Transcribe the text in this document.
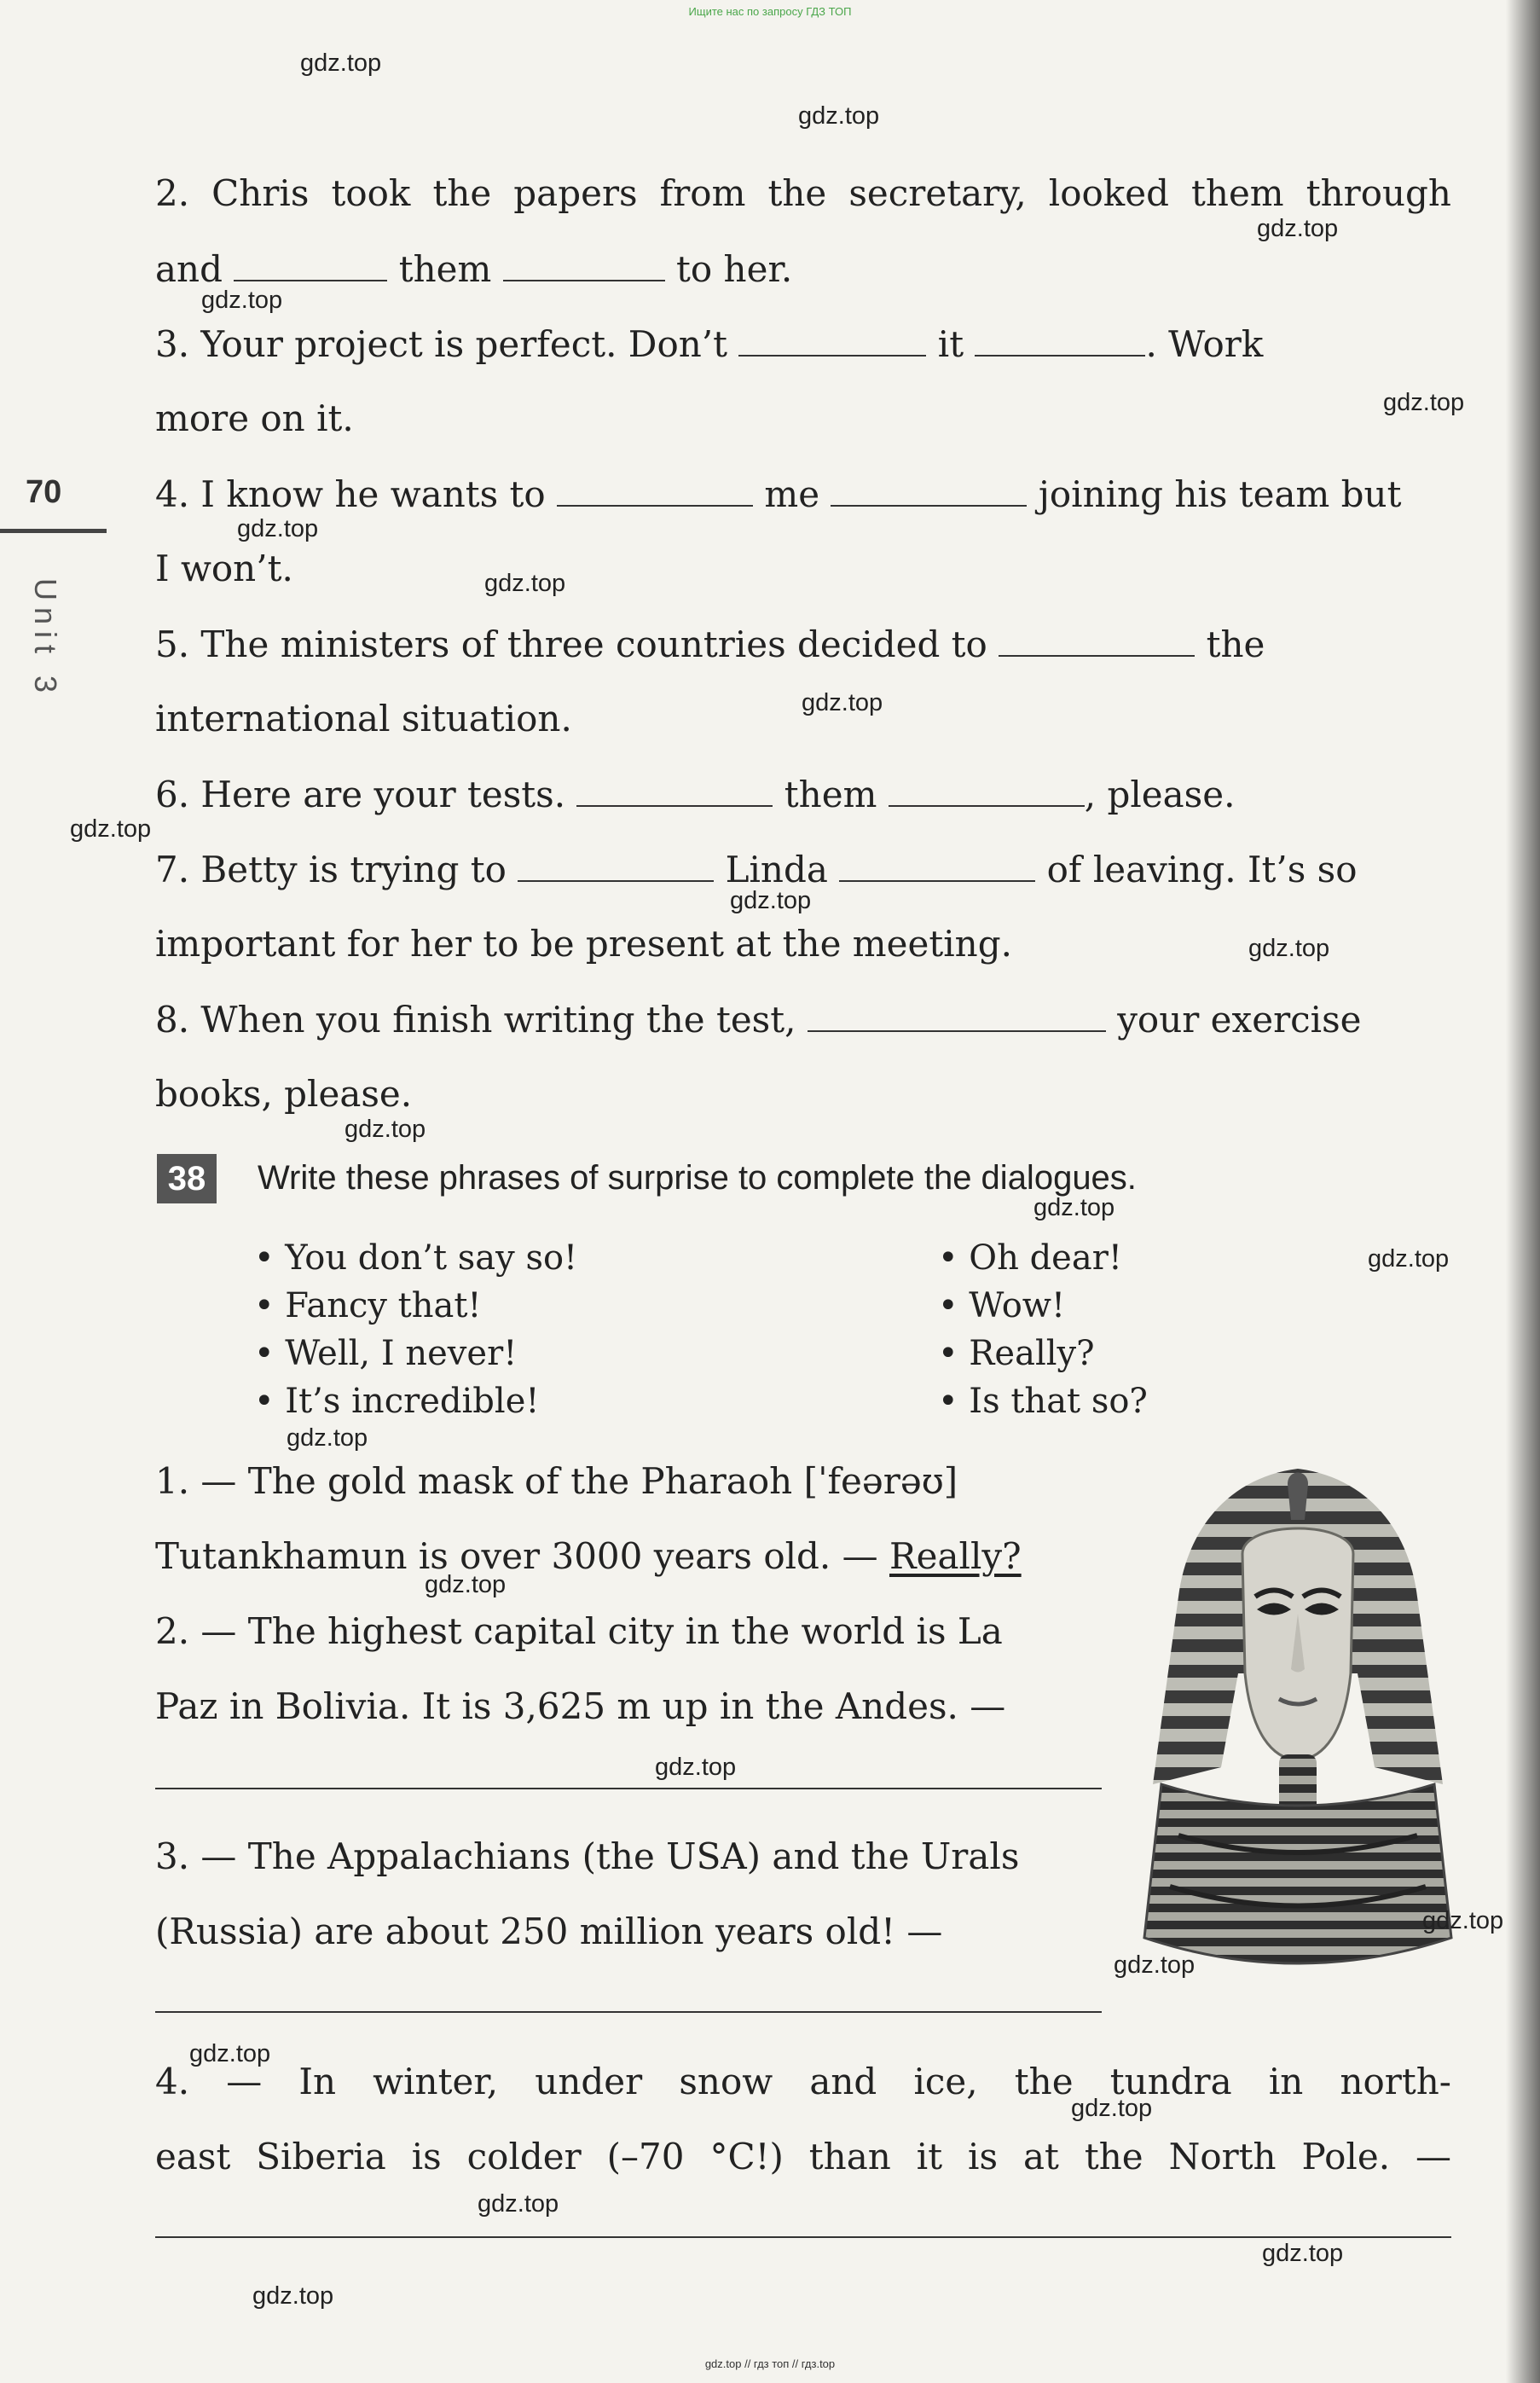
Ищите нас по запросу ГДЗ ТОП
70
Unit 3
2. Chris took the papers from the secretary, looked them through
and	them	to her.
3. Your project is perfect. Don’t	it	. Work
more on it.
4. I know he wants to	me	joining his team but
I won’t.
5. The ministers of three countries decided to	the
international situation.
6. Here are your tests.	them	, please.
7. Betty is trying to	Linda	of leaving. It’s so
important for her to be present at the meeting.
8. When you finish writing the test,	your exercise
books, please.
38	Write these phrases of surprise to complete the dialogues.
• You don’t say so!
• Fancy that!
• Well, I never!
• It’s incredible!
• Oh dear!
• Wow!
• Really?
• Is that so?
1. — The gold mask of the Pharaoh [ˈfeərəʊ]
Tutankhamun is over 3000 years old. — Really?
2. — The highest capital city in the world is La
Paz in Bolivia. It is 3,625 m up in the Andes. —
3. — The Appalachians (the USA) and the Urals
(Russia) are about 250 million years old! —
4. — In winter, under snow and ice, the tundra in north-
east Siberia is colder (–70 °C!) than it is at the North Pole. —
gdz.top
gdz.top
gdz.top
gdz.top
gdz.top
gdz.top
gdz.top
gdz.top
gdz.top
gdz.top
gdz.top
gdz.top
gdz.top
gdz.top
gdz.top
gdz.top
gdz.top
gdz.top
gdz.top
gdz.top
gdz.top
gdz.top
gdz.top
gdz.top
gdz.top // гдз топ // гдз.top
